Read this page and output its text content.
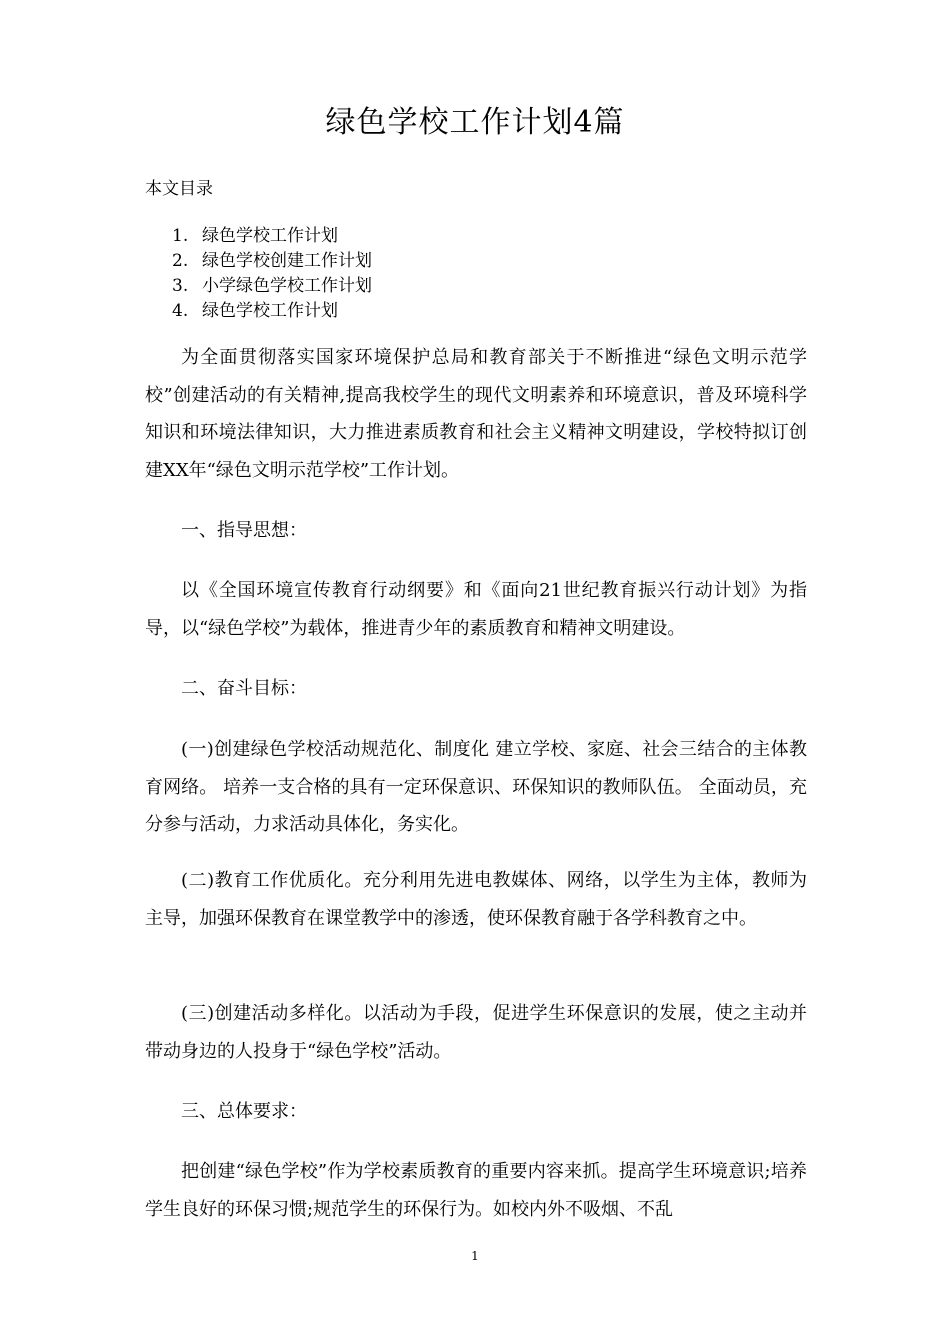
绿色学校工作计划4篇
本文目录
1. 绿色学校工作计划
2. 绿色学校创建工作计划
3. 小学绿色学校工作计划
4. 绿色学校工作计划

为全面贯彻落实国家环境保护总局和教育部关于不断推进“绿色文明示范学校”创建活动的有关精神,提高我校学生的现代文明素养和环境意识，普及环境科学知识和环境法律知识，大力推进素质教育和社会主义精神文明建设，学校特拟订创建XX年“绿色文明示范学校”工作计划。

一、指导思想：

以《全国环境宣传教育行动纲要》和《面向21世纪教育振兴行动计划》为指导，以“绿色学校”为载体，推进青少年的素质教育和精神文明建设。

二、奋斗目标：

(一)创建绿色学校活动规范化、制度化 建立学校、家庭、社会三结合的主体教育网络。 培养一支合格的具有一定环保意识、环保知识的教师队伍。 全面动员，充分参与活动，力求活动具体化，务实化。

(二)教育工作优质化。充分利用先进电教媒体、网络，以学生为主体，教师为主导，加强环保教育在课堂教学中的渗透，使环保教育融于各学科教育之中。

(三)创建活动多样化。以活动为手段，促进学生环保意识的发展，使之主动并带动身边的人投身于“绿色学校”活动。

三、总体要求：

把创建“绿色学校”作为学校素质教育的重要内容来抓。提高学生环境意识;培养学生良好的环保习惯;规范学生的环保行为。如校内外不吸烟、不乱

1
